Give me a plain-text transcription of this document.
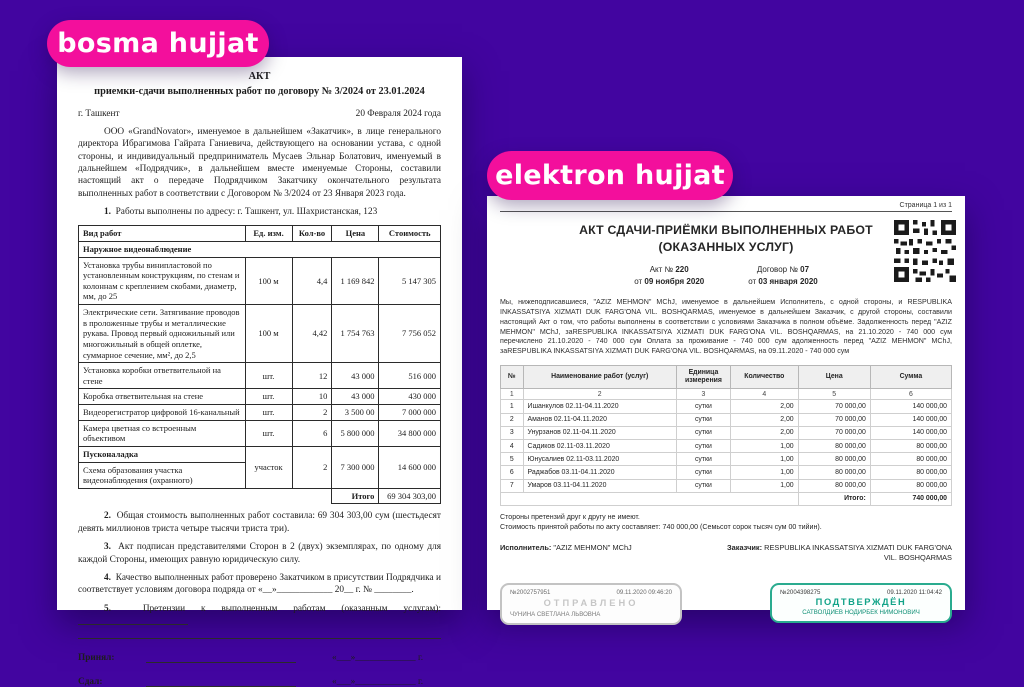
bosma hujjat
elektron hujjat
АКТ
приемки-сдачи выполненных работ по договору № 3/2024 от 23.01.2024
г. Ташкент	20 Февраля 2024 года
ООО «GrandNovator», именуемое в дальнейшем «Закатчик», в лице генерального директора Ибрагимова Гайрата Ганиевича, действующего на основании устава, с одной стороны, и индивидуальный предприниматель Мусаев Эльнар Болатович, именуемый в дальнейшем «Подрядчик», в дальнейшем вместе именуемые Стороны, составили настоящий акт о передаче Подрядчиком Закатчику окончательного результата выполненных работ в соответствии с Договором № 3/2024 от 23 Января 2023 года.
1. Работы выполнены по адресу: г. Ташкент, ул. Шахристанская, 123
Вид работ	Ед. изм.	Кол-во	Цена	Стоимость
Наружное видеонаблюдение				
Установка трубы винипластовой по установленным конструкциям, по стенам и колоннам с креплением скобами, диаметр, мм, до 25	100 м	4,4	1 169 842	5 147 305
Электрические сети. Затягивание проводов в проложенные трубы и металлические рукава. Провод первый одножильный или многожильный в общей оплетке, суммарное сечение, мм², до 2,5	100 м	4,42	1 754 763	7 756 052
Установка коробки ответвительной на стене	шт.	12	43 000	516 000
Коробка ответвительная на стене	шт.	10	43 000	430 000
Видеорегистратор цифровой 16-канальный	шт.	2	3 500 00	7 000 000
Камера цветная со встроенным объективом	шт.	6	5 800 000	34 800 000
Пусконаладка	участок	2	7 300 000	14 600 000
Схема образования участка видеонаблюдения (охранного)				
			Итого	69 304 303,00
2. Общая стоимость выполненных работ составила: 69 304 303,00 сум (шестьдесят девять миллионов триста четыре тысячи триста три).
3. Акт подписан представителями Сторон в 2 (двух) экземплярах, по одному для каждой Стороны, имеющих равную юридическую силу.
4. Качество выполненных работ проверено Закатчиком в присутствии Подрядчика и соответствует условиям договора подряда от «__»____________ 20__ г. № ________.
5.	Претензии к выполненным работам (оказанным услугам):
Принял:	«___»_____________ г.
Сдал:	«___»_____________ г.
Страница 1 из 1
АКТ СДАЧИ-ПРИЁМКИ ВЫПОЛНЕННЫХ РАБОТ
(ОКАЗАННЫХ УСЛУГ)
Акт № 220
от 09 ноября 2020
Договор № 07
от 03 января 2020
Мы, нижеподписавшиеся, "AZIZ MEHMON" MChJ, именуемое в дальнейшем Исполнитель, с одной стороны, и RESPUBLIKA INKASSATSIYA XIZMATI DUK FARG'ONA VIL. BOSHQARMAS, именуемое в дальнейшем Заказчик, с другой стороны, составили настоящий Акт о том, что работы выполнены в соответствии с условиями Заказчика в полном объёме. Задолженность перед "AZIZ MEHMON" MChJ, заRESPUBLIKA INKASSATSIYA XIZMATI DUK FARG'ONA VIL. BOSHQARMAS, на 21.10.2020 - 740 000 сум перечислено 21.10.2020 - 740 000 сум Оплата за проживание - 740 000 сум адолженность перед "AZIZ MEHMON" MChJ, заRESPUBLIKA INKASSATSIYA XIZMATI DUK FARG'ONA VIL. BOSHQARMAS, на 09.11.2020 - 740 000 сум
№	Наименование работ (услуг)	Единица измерения	Количество	Цена	Сумма
1	2	3	4	5	6
1	Ишанкулов 02.11-04.11.2020	сутки	2,00	70 000,00	140 000,00
2	Аманов 02.11-04.11.2020	сутки	2,00	70 000,00	140 000,00
3	Унурзанов 02.11-04.11.2020	сутки	2,00	70 000,00	140 000,00
4	Садиков 02.11-03.11.2020	сутки	1,00	80 000,00	80 000,00
5	Юнусалиев 02.11-03.11.2020	сутки	1,00	80 000,00	80 000,00
6	Раджабов 03.11-04.11.2020	сутки	1,00	80 000,00	80 000,00
7	Умаров 03.11-04.11.2020	сутки	1,00	80 000,00	80 000,00
				Итого:	740 000,00
Стороны претензий друг к другу не имеют.
Стоимость принятой работы по акту составляет: 740 000,00 (Семьсот сорок тысяч сум 00 тийин).
Исполнитель: "AZIZ MEHMON" MChJ	Заказчик: RESPUBLIKA INKASSATSIYA XIZMATI DUK FARG'ONA VIL. BOSHQARMAS
№2002757951	09.11.2020 09:46:20
ОТПРАВЛЕНО
ЧУНИНА СВЕТЛАНА ЛЬВОВНА
№2004398275	09.11.2020 11:04:42
ПОДТВЕРЖДЁН
САТВОЛДИЕВ НОДИРБЕК НИМОНОВИЧ
